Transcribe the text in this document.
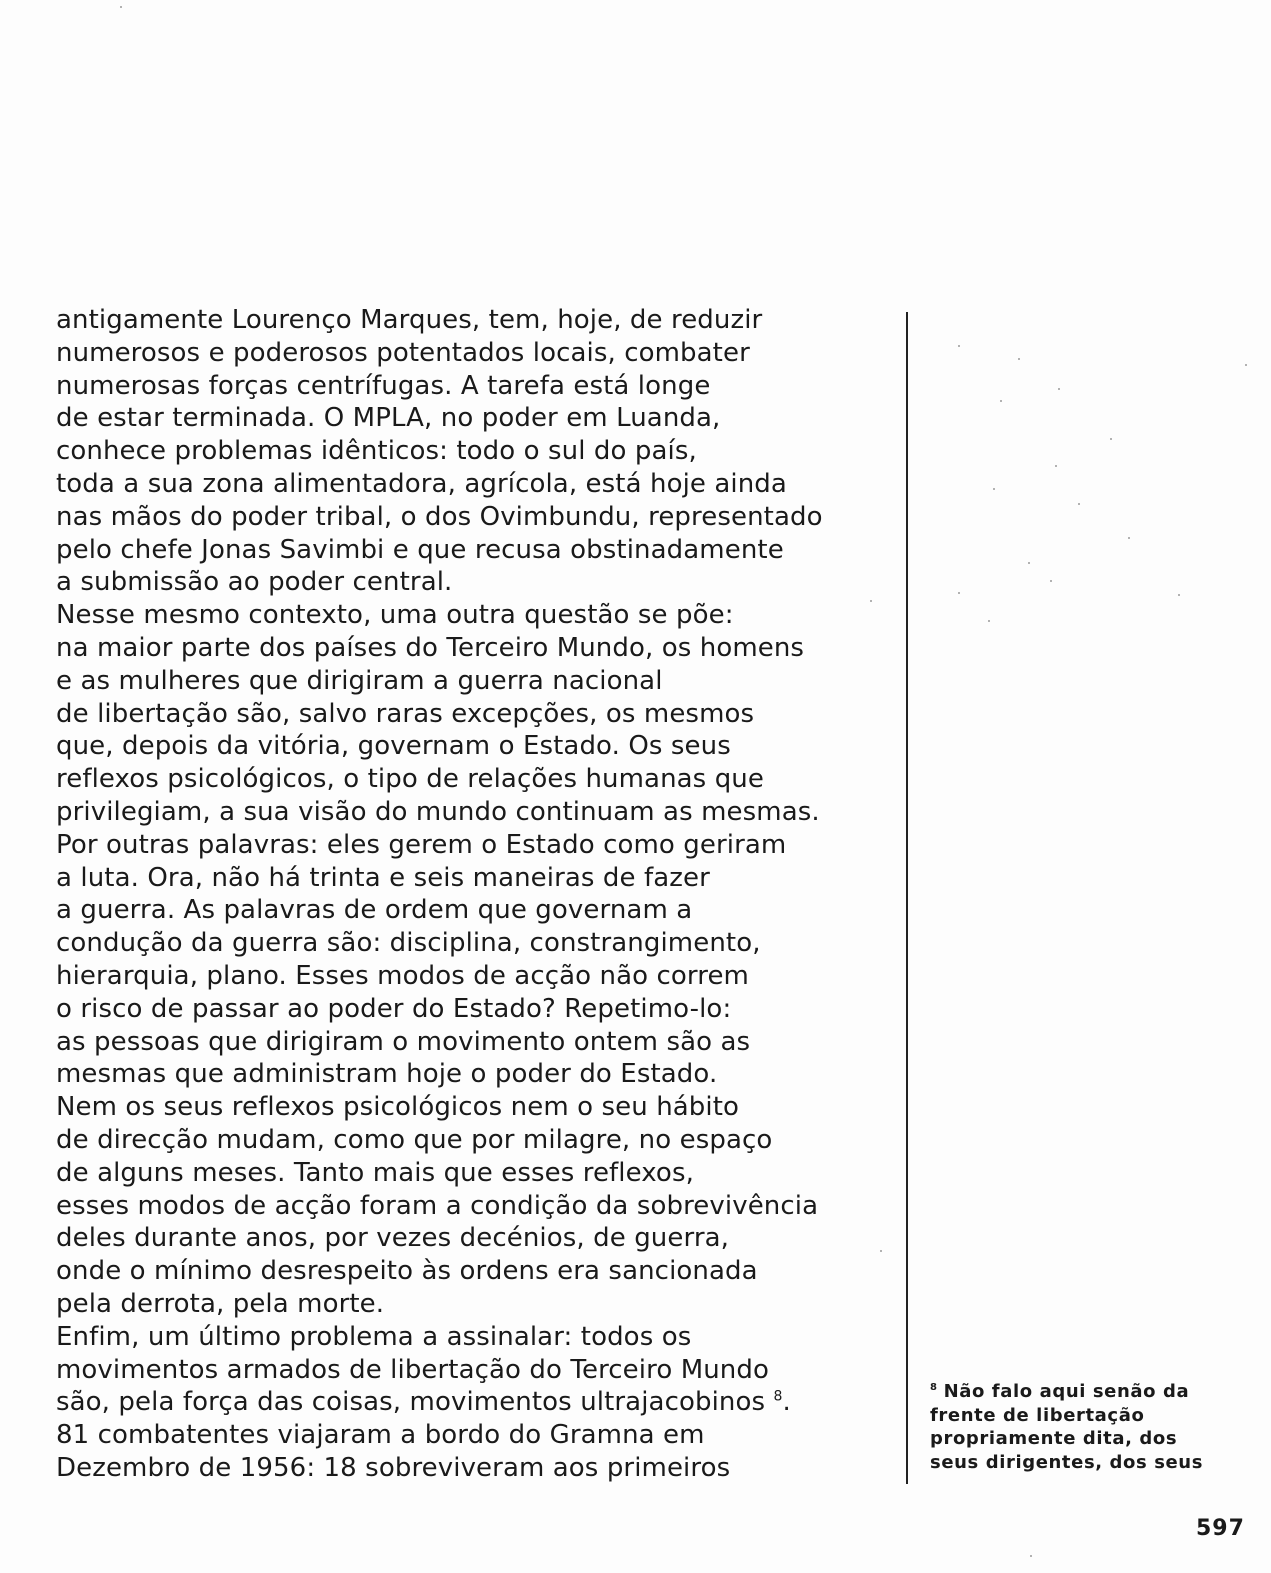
antigamente Lourenço Marques, tem, hoje, de reduzir
numerosos e poderosos potentados locais, combater
numerosas forças centrífugas. A tarefa está longe
de estar terminada. O MPLA, no poder em Luanda,
conhece problemas idênticos: todo o sul do país,
toda a sua zona alimentadora, agrícola, está hoje ainda
nas mãos do poder tribal, o dos Ovimbundu, representado
pelo chefe Jonas Savimbi e que recusa obstinadamente
a submissão ao poder central.
Nesse mesmo contexto, uma outra questão se põe:
na maior parte dos países do Terceiro Mundo, os homens
e as mulheres que dirigiram a guerra nacional
de libertação são, salvo raras excepções, os mesmos
que, depois da vitória, governam o Estado. Os seus
reflexos psicológicos, o tipo de relações humanas que
privilegiam, a sua visão do mundo continuam as mesmas.
Por outras palavras: eles gerem o Estado como geriram
a luta. Ora, não há trinta e seis maneiras de fazer
a guerra. As palavras de ordem que governam a
condução da guerra são: disciplina, constrangimento,
hierarquia, plano. Esses modos de acção não correm
o risco de passar ao poder do Estado? Repetimo-lo:
as pessoas que dirigiram o movimento ontem são as
mesmas que administram hoje o poder do Estado.
Nem os seus reflexos psicológicos nem o seu hábito
de direcção mudam, como que por milagre, no espaço
de alguns meses. Tanto mais que esses reflexos,
esses modos de acção foram a condição da sobrevivência
deles durante anos, por vezes decénios, de guerra,
onde o mínimo desrespeito às ordens era sancionada
pela derrota, pela morte.
Enfim, um último problema a assinalar: todos os
movimentos armados de libertação do Terceiro Mundo
são, pela força das coisas, movimentos ultrajacobinos $^8$.
81 combatentes viajaram a bordo do Gramna em
Dezembro de 1956: 18 sobreviveram aos primeiros
$^8$ Não falo aqui senão da
frente de libertação
propriamente dita, dos
seus dirigentes, dos seus
597
